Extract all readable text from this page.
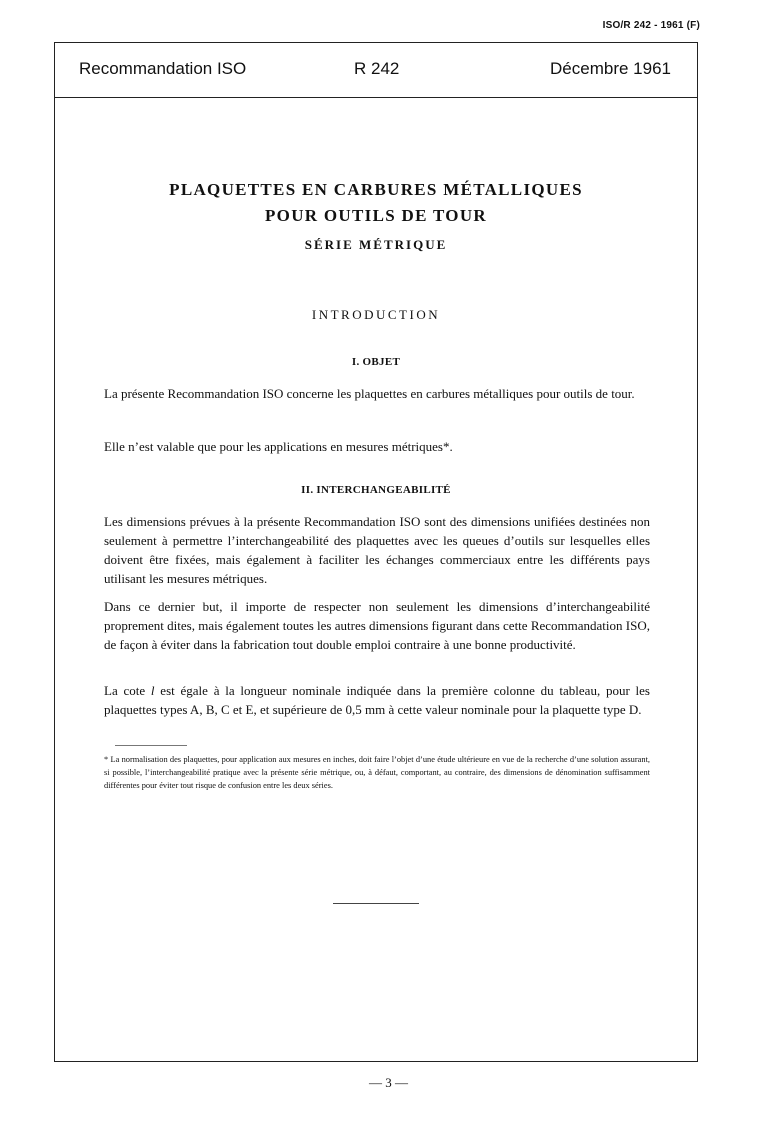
ISO/R 242 - 1961 (F)
Recommandation ISO	R 242	Décembre 1961
PLAQUETTES EN CARBURES MÉTALLIQUES
POUR OUTILS DE TOUR
SÉRIE MÉTRIQUE
INTRODUCTION
I. OBJET

La présente Recommandation ISO concerne les plaquettes en carbures métalliques pour outils de tour.

Elle n’est valable que pour les applications en mesures métriques*.

II. INTERCHANGEABILITÉ

Les dimensions prévues à la présente Recommandation ISO sont des dimensions unifiées destinées non seulement à permettre l’interchangeabilité des plaquettes avec les queues d’outils sur lesquelles elles doivent être fixées, mais également à faciliter les échanges commerciaux entre les différents pays utilisant les mesures métriques.

Dans ce dernier but, il importe de respecter non seulement les dimensions d’interchangeabilité proprement dites, mais également toutes les autres dimensions figurant dans cette Recommandation ISO, de façon à éviter dans la fabrication tout double emploi contraire à une bonne productivité.

La cote l est égale à la longueur nominale indiquée dans la première colonne du tableau, pour les plaquettes types A, B, C et E, et supérieure de 0,5 mm à cette valeur nominale pour la plaquette type D.

* La normalisation des plaquettes, pour application aux mesures en inches, doit faire l’objet d’une étude ultérieure en vue de la recherche d’une solution assurant, si possible, l’interchangeabilité pratique avec la présente série métrique, ou, à défaut, comportant, au contraire, des dimensions de dénomination suffisamment différentes pour éviter tout risque de confusion entre les deux séries.
— 3 —
